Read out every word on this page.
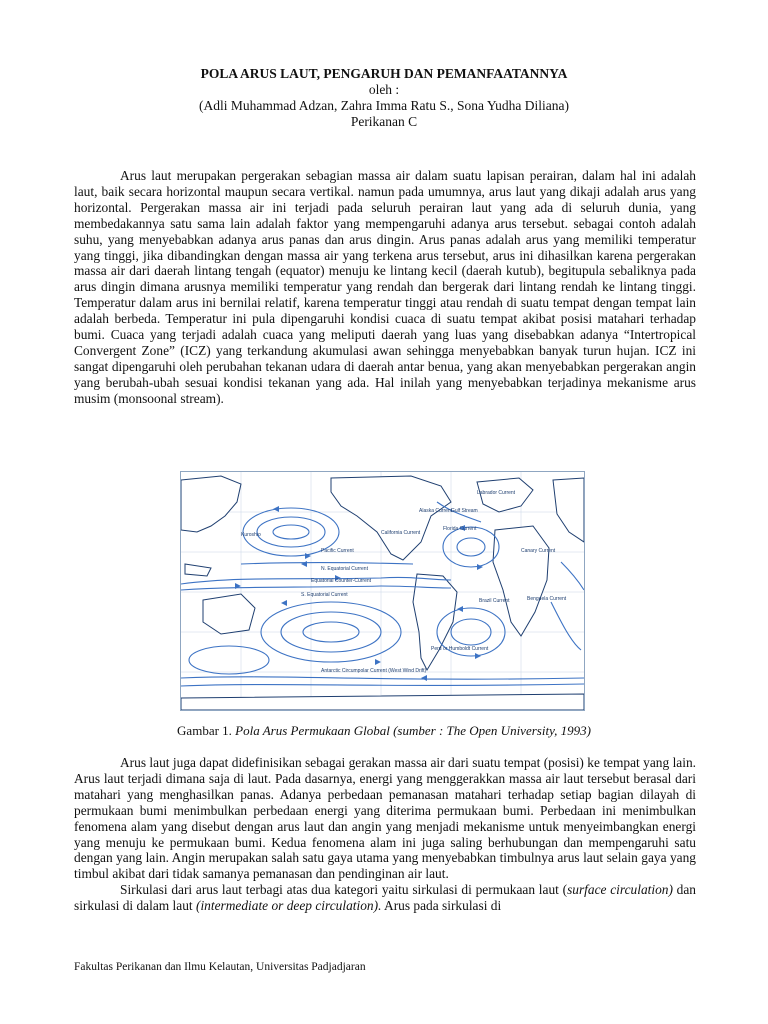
POLA ARUS LAUT, PENGARUH DAN PEMANFAATANNYA
oleh :
(Adli Muhammad Adzan, Zahra Imma Ratu S., Sona Yudha Diliana)
Perikanan C

Arus laut merupakan pergerakan sebagian massa air dalam suatu lapisan perairan, dalam hal ini adalah laut, baik secara horizontal maupun secara vertikal. namun pada umumnya, arus laut yang dikaji adalah arus yang horizontal. Pergerakan massa air ini terjadi pada seluruh perairan laut yang ada di seluruh dunia, yang membedakannya satu sama lain adalah faktor yang mempengaruhi adanya arus tersebut. sebagai contoh adalah suhu, yang menyebabkan adanya arus panas dan arus dingin. Arus panas adalah arus yang memiliki temperatur yang tinggi, jika dibandingkan dengan massa air yang terkena arus tersebut, arus ini dihasilkan karena pergerakan massa air dari daerah lintang tengah (equator) menuju ke lintang kecil (daerah kutub), begitupula sebaliknya pada arus dingin dimana arusnya memiliki temperatur yang rendah dan bergerak dari lintang rendah ke lintang tinggi. Temperatur dalam arus ini bernilai relatif, karena temperatur tinggi atau rendah di suatu tempat dengan tempat lain adalah berbeda. Temperatur ini pula dipengaruhi kondisi cuaca di suatu tempat akibat posisi matahari terhadap bumi. Cuaca yang terjadi adalah cuaca yang meliputi daerah yang luas yang disebabkan adanya “Intertropical Convergent Zone” (ICZ) yang terkandung akumulasi awan sehingga menyebabkan banyak turun hujan. ICZ ini sangat dipengaruhi oleh perubahan tekanan udara di daerah antar benua, yang akan menyebabkan pergerakan angin yang berubah-ubah sesuai kondisi tekanan yang ada. Hal inilah yang menyebabkan terjadinya mekanisme arus musim (monsoonal stream).

Alaska Current
California Current
Pacific Current
Kuroshio
N. Equatorial Current
Equatorial Counter-Current
S. Equatorial Current
Peru or Humboldt Current
Gulf Stream
Labrador Current
Canary Current
Florida Current
Brazil Current	Benguela Current
Antarctic Circumpolar Current (West Wind Drift)
Gambar 1. Pola Arus Permukaan Global (sumber : The Open University, 1993)

Arus laut juga dapat didefinisikan sebagai gerakan massa air dari suatu tempat (posisi) ke tempat yang lain. Arus laut terjadi dimana saja di laut. Pada dasarnya, energi yang menggerakkan massa air laut tersebut berasal dari matahari yang menghasilkan panas. Adanya perbedaan pemanasan matahari terhadap setiap bagian dilayah di permukaan bumi menimbulkan perbedaan energi yang diterima permukaan bumi. Perbedaan ini menimbulkan fenomena alam yang disebut dengan arus laut dan angin yang menjadi mekanisme untuk menyeimbangkan energi yang menuju ke permukaan bumi. Kedua fenomena alam ini juga saling berhubungan dan mempengaruhi satu dengan yang lain. Angin merupakan salah satu gaya utama yang menyebabkan timbulnya arus laut selain gaya yang timbul akibat dari tidak samanya pemanasan dan pendinginan air laut.

Sirkulasi dari arus laut terbagi atas dua kategori yaitu sirkulasi di permukaan laut (surface circulation) dan sirkulasi di dalam laut (intermediate or deep circulation). Arus pada sirkulasi di

Fakultas Perikanan dan Ilmu Kelautan, Universitas Padjadjaran
